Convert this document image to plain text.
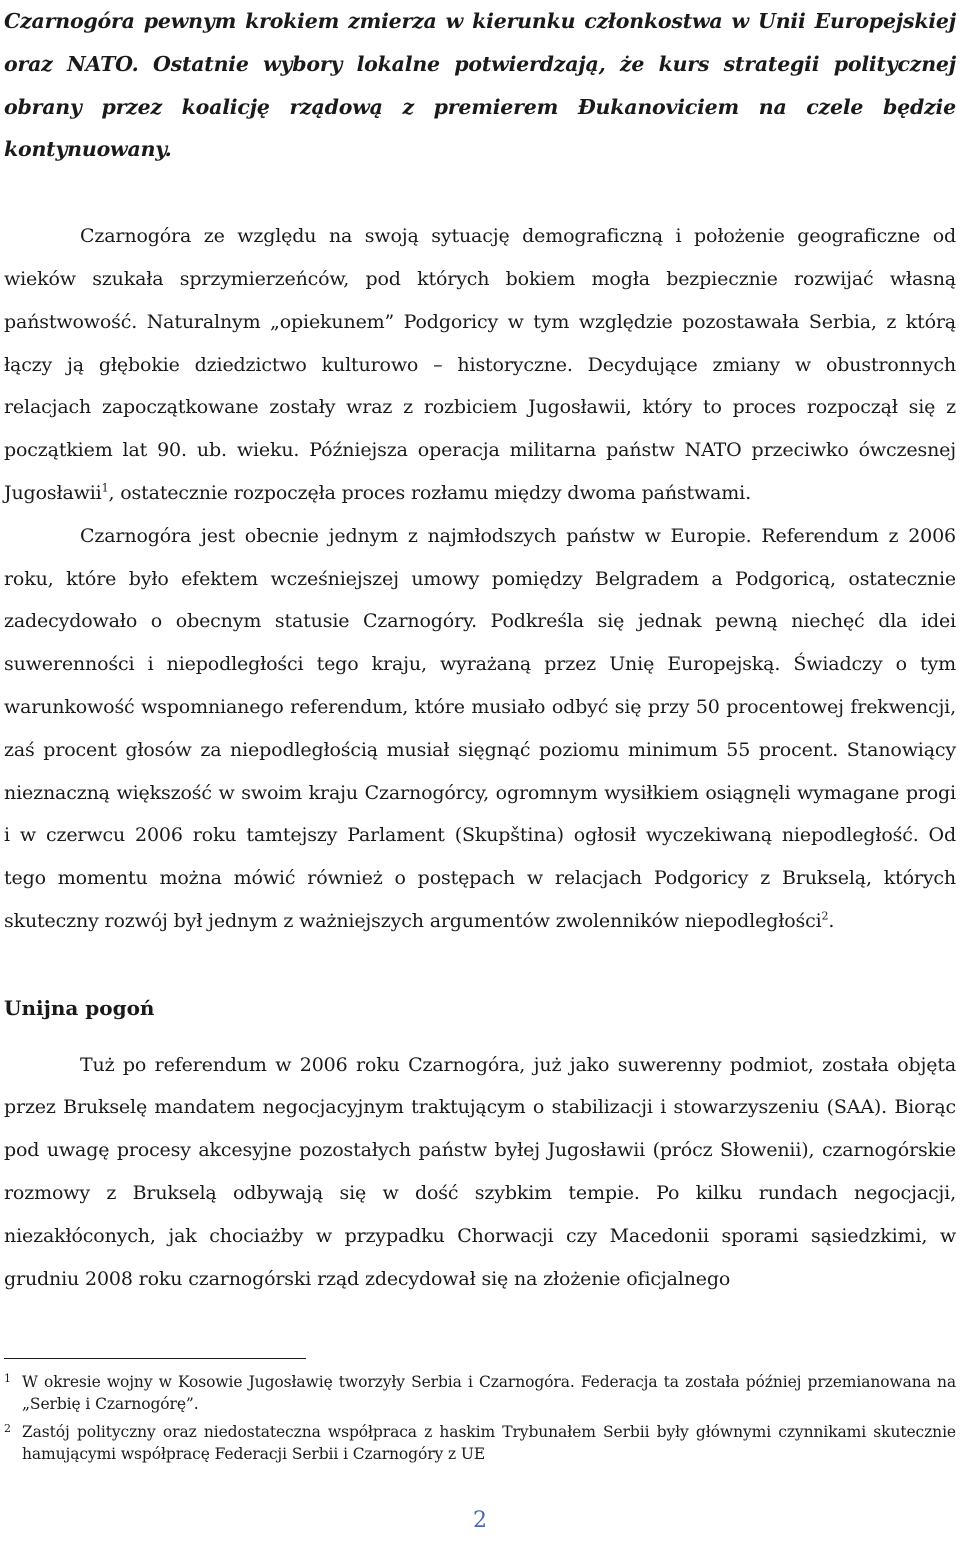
Czarnogóra pewnym krokiem zmierza w kierunku członkostwa w Unii Europejskiej oraz NATO. Ostatnie wybory lokalne potwierdzają, że kurs strategii politycznej obrany przez koalicję rządową z premierem Đukanoviciem na czele będzie kontynuowany.

Czarnogóra ze względu na swoją sytuację demograficzną i położenie geograficzne od wieków szukała sprzymierzeńców, pod których bokiem mogła bezpiecznie rozwijać własną państwowość. Naturalnym „opiekunem” Podgoricy w tym względzie pozostawała Serbia, z którą łączy ją głębokie dziedzictwo kulturowo – historyczne. Decydujące zmiany w obustronnych relacjach zapoczątkowane zostały wraz z rozbiciem Jugosławii, który to proces rozpoczął się z początkiem lat 90. ub. wieku. Późniejsza operacja militarna państw NATO przeciwko ówczesnej Jugosławii$^1$, ostatecznie rozpoczęła proces rozłamu między dwoma państwami.

Czarnogóra jest obecnie jednym z najmłodszych państw w Europie. Referendum z 2006 roku, które było efektem wcześniejszej umowy pomiędzy Belgradem a Podgoricą, ostatecznie zadecydowało o obecnym statusie Czarnogóry. Podkreśla się jednak pewną niechęć dla idei suwerenności i niepodległości tego kraju, wyrażaną przez Unię Europejską. Świadczy o tym warunkowość wspomnianego referendum, które musiało odbyć się przy 50 procentowej frekwencji, zaś procent głosów za niepodległością musiał sięgnąć poziomu minimum 55 procent. Stanowiący nieznaczną większość w swoim kraju Czarnogórcy, ogromnym wysiłkiem osiągnęli wymagane progi i w czerwcu 2006 roku tamtejszy Parlament (Skupština) ogłosił wyczekiwaną niepodległość. Od tego momentu można mówić również o postępach w relacjach Podgoricy z Brukselą, których skuteczny rozwój był jednym z ważniejszych argumentów zwolenników niepodległości$^2$.

Unijna pogoń

Tuż po referendum w 2006 roku Czarnogóra, już jako suwerenny podmiot, została objęta przez Brukselę mandatem negocjacyjnym traktującym o stabilizacji i stowarzyszeniu (SAA). Biorąc pod uwagę procesy akcesyjne pozostałych państw byłej Jugosławii (prócz Słowenii), czarnogórskie rozmowy z Brukselą odbywają się w dość szybkim tempie. Po kilku rundach negocjacji, niezakłóconych, jak chociażby w przypadku Chorwacji czy Macedonii sporami sąsiedzkimi, w grudniu 2008 roku czarnogórski rząd zdecydował się na złożenie oficjalnego

1 W okresie wojny w Kosowie Jugosławię tworzyły Serbia i Czarnogóra. Federacja ta została później przemianowana na „Serbię i Czarnogórę”.
2 Zastój polityczny oraz niedostateczna współpraca z haskim Trybunałem Serbii były głównymi czynnikami skutecznie hamującymi współpracę Federacji Serbii i Czarnogóry z UE
2
